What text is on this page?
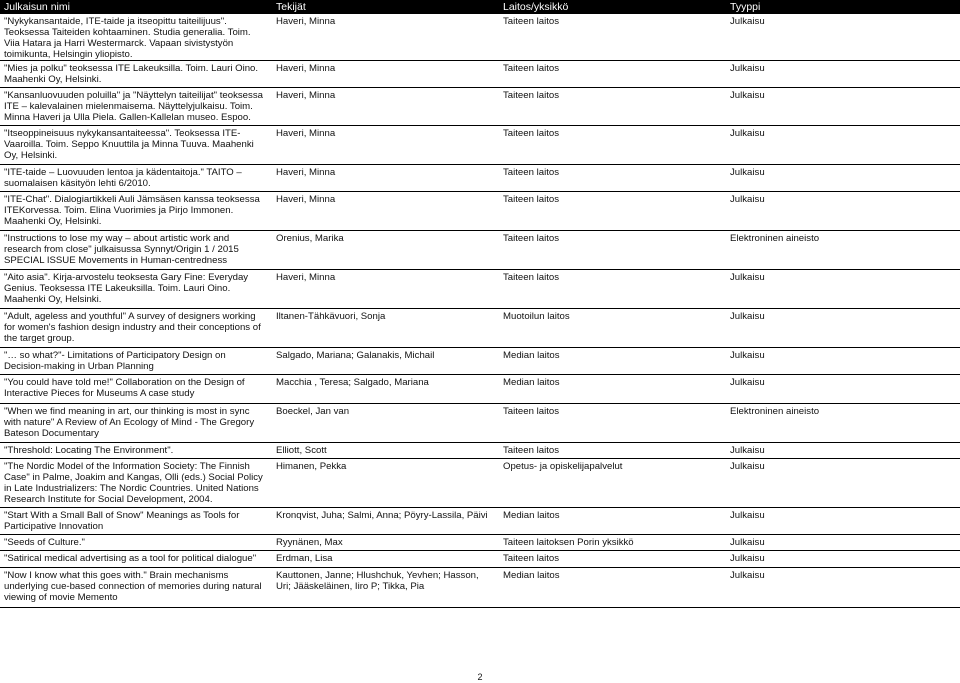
Julkaisun nimi	Tekijät	Laitos/yksikkö	Tyyppi
"Nykykansantaide, ITE-taide ja itseopittu taiteilijuus". Teoksessa Taiteiden kohtaaminen. Studia generalia. Toim. Viia Hatara ja Harri Westermarck. Vapaan sivistystyön toimikunta, Helsingin yliopisto.	Haveri, Minna	Taiteen laitos	Julkaisu
"Mies ja polku" teoksessa ITE Lakeuksilla. Toim. Lauri Oino. Maahenki Oy, Helsinki.	Haveri, Minna	Taiteen laitos	Julkaisu
"Kansanluovuuden poluilla" ja "Näyttelyn taiteilijat" teoksessa ITE – kalevalainen mielenmaisema. Näyttelyjulkaisu. Toim. Minna Haveri ja Ulla Piela. Gallen-Kallelan museo. Espoo.	Haveri, Minna	Taiteen laitos	Julkaisu
"Itseoppineisuus nykykansantaiteessa". Teoksessa ITE-Vaaroilla. Toim. Seppo Knuuttila ja Minna Tuuva. Maahenki Oy, Helsinki.	Haveri, Minna	Taiteen laitos	Julkaisu
"ITE-taide – Luovuuden lentoa ja kädentaitoja." TAITO – suomalaisen käsityön lehti 6/2010.	Haveri, Minna	Taiteen laitos	Julkaisu
"ITE-Chat". Dialogiartikkeli Auli Jämsäsen kanssa teoksessa ITEKorvessa. Toim. Elina Vuorimies ja Pirjo Immonen. Maahenki Oy, Helsinki.	Haveri, Minna	Taiteen laitos	Julkaisu
"Instructions to lose my way – about artistic work and research from close" julkaisussa Synnyt/Origin 1 / 2015 SPECIAL ISSUE Movements in Human-centredness	Orenius, Marika	Taiteen laitos	Elektroninen aineisto
"Aito asia". Kirja-arvostelu teoksesta Gary Fine: Everyday Genius. Teoksessa ITE Lakeuksilla. Toim. Lauri Oino. Maahenki Oy, Helsinki.	Haveri, Minna	Taiteen laitos	Julkaisu
"Adult, ageless and youthful" A survey of designers working for women's fashion design industry and their conceptions of the target group.	Iltanen-Tähkävuori, Sonja	Muotoilun laitos	Julkaisu
"… so what?"- Limitations of Participatory Design on Decision-making in Urban Planning	Salgado, Mariana; Galanakis, Michail	Median laitos	Julkaisu
"You could have told me!" Collaboration on the Design of Interactive Pieces for Museums A case study	Macchia , Teresa; Salgado, Mariana	Median laitos	Julkaisu
"When we find meaning in art, our thinking is most in sync with nature" A Review of An Ecology of Mind - The Gregory Bateson Documentary	Boeckel, Jan van	Taiteen laitos	Elektroninen aineisto
"Threshold: Locating The Environment".	Elliott, Scott	Taiteen laitos	Julkaisu
"The Nordic Model of the Information Society: The Finnish Case" in Palme, Joakim and Kangas, Olli (eds.) Social Policy in Late Industrializers: The Nordic Countries. United Nations Research Institute for Social Development, 2004.	Himanen, Pekka	Opetus- ja opiskelijapalvelut	Julkaisu
"Start With a Small Ball of Snow" Meanings as Tools for Participative Innovation	Kronqvist, Juha; Salmi, Anna; Pöyry-Lassila, Päivi	Median laitos	Julkaisu
"Seeds of Culture."	Ryynänen, Max	Taiteen laitoksen Porin yksikkö	Julkaisu
"Satirical medical advertising as a tool for political dialogue"	Erdman, Lisa	Taiteen laitos	Julkaisu
"Now I know what this goes with." Brain mechanisms underlying cue-based connection of memories during natural viewing of movie Memento	Kauttonen, Janne; Hlushchuk, Yevhen; Hasson, Uri; Jääskeläinen, Iiro P; Tikka, Pia	Median laitos	Julkaisu
2
